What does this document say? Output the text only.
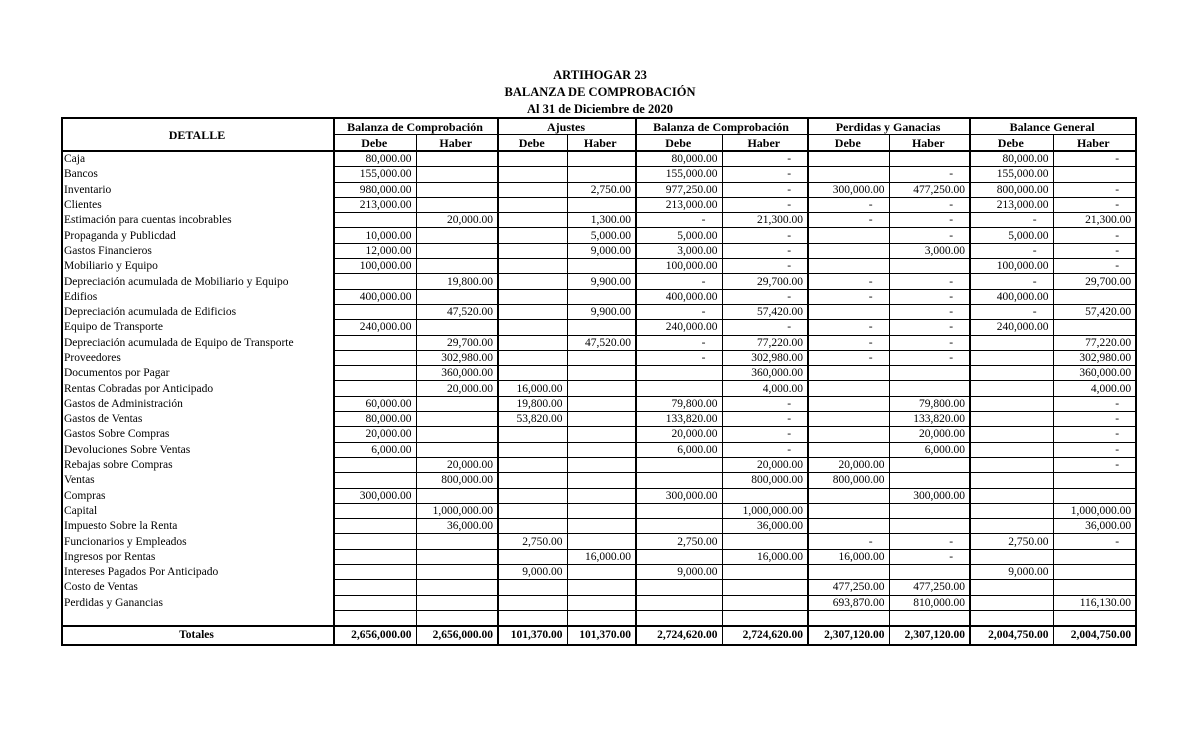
ARTIHOGAR 23
BALANZA DE COMPROBACIÓN
Al 31 de Diciembre de 2020
DETALLE	Balanza de Comprobación		Ajustes		Balanza de Comprobación		Perdidas y Ganacias		Balance General	
	Debe	Haber	Debe	Haber	Debe	Haber	Debe	Haber	Debe	Haber
Caja	80,000.00				80,000.00	-			80,000.00	-
Bancos	155,000.00				155,000.00	-		-	155,000.00	
Inventario	980,000.00			2,750.00	977,250.00	-	300,000.00	477,250.00	800,000.00	-
Clientes	213,000.00				213,000.00	-	-	-	213,000.00	-
Estimación para cuentas incobrables		20,000.00		1,300.00	-	21,300.00	-	-	-	21,300.00
Propaganda y Publicdad	10,000.00			5,000.00	5,000.00	-		-	5,000.00	-
Gastos Financieros	12,000.00			9,000.00	3,000.00	-		3,000.00	-	-
Mobiliario y Equipo	100,000.00				100,000.00	-			100,000.00	-
Depreciación acumulada de Mobiliario y Equipo		19,800.00		9,900.00	-	29,700.00	-	-	-	29,700.00
Edifios	400,000.00				400,000.00	-	-	-	400,000.00	
Depreciación acumulada de Edificios		47,520.00		9,900.00	-	57,420.00		-	-	57,420.00
Equipo de Transporte	240,000.00				240,000.00	-	-	-	240,000.00	
Depreciación acumulada de Equipo de Transporte		29,700.00		47,520.00	-	77,220.00	-	-		77,220.00
Proveedores		302,980.00			-	302,980.00	-	-		302,980.00
Documentos por Pagar		360,000.00				360,000.00				360,000.00
Rentas Cobradas por Anticipado		20,000.00	16,000.00			4,000.00				4,000.00
Gastos de Administración	60,000.00		19,800.00		79,800.00	-		79,800.00		-
Gastos de Ventas	80,000.00		53,820.00		133,820.00	-		133,820.00		-
Gastos Sobre Compras	20,000.00				20,000.00	-		20,000.00		-
Devoluciones Sobre Ventas	6,000.00				6,000.00	-		6,000.00		-
Rebajas sobre Compras		20,000.00				20,000.00	20,000.00			-
Ventas		800,000.00				800,000.00	800,000.00			
Compras	300,000.00				300,000.00			300,000.00		
Capital		1,000,000.00				1,000,000.00				1,000,000.00
Impuesto Sobre la Renta		36,000.00				36,000.00				36,000.00
Funcionarios y Empleados			2,750.00		2,750.00		-	-	2,750.00	-
Ingresos por Rentas				16,000.00		16,000.00	16,000.00	-		
Intereses Pagados Por Anticipado			9,000.00		9,000.00				9,000.00	
Costo de Ventas							477,250.00	477,250.00		
Perdidas y Ganancias							693,870.00	810,000.00		116,130.00

Totales	2,656,000.00	2,656,000.00	101,370.00	101,370.00	2,724,620.00	2,724,620.00	2,307,120.00	2,307,120.00	2,004,750.00	2,004,750.00
